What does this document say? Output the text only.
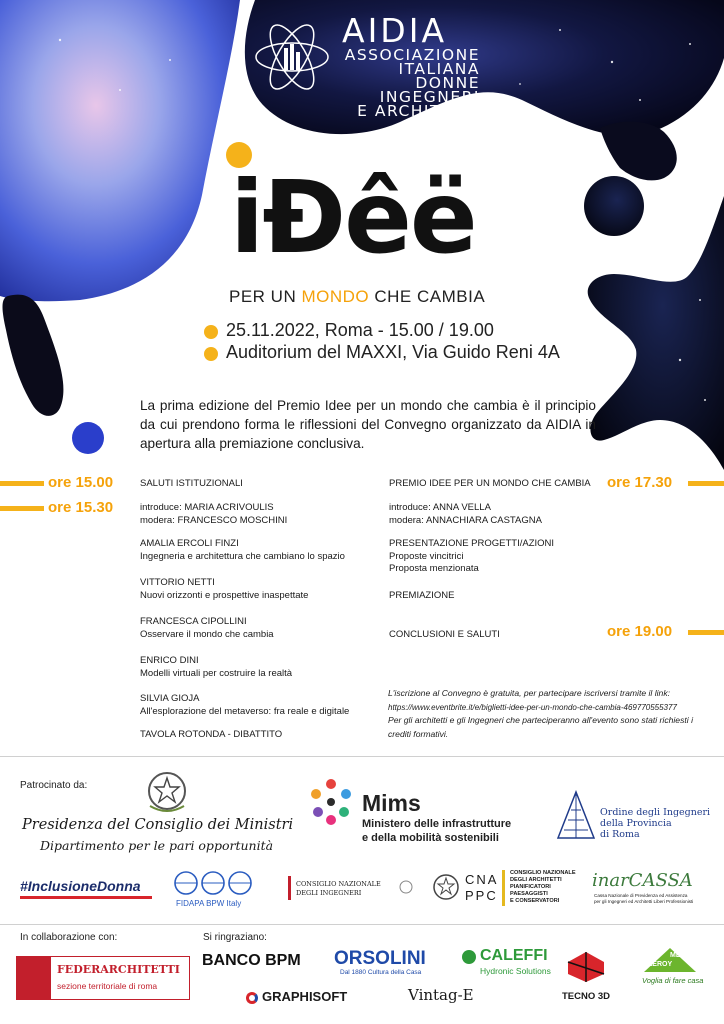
AIDIA
ASSOCIAZIONE
ITALIANA DONNE
INGEGNERI
E ARCHITETTI
iĐêë
PER UN MONDO CHE CAMBIA
25.11.2022, Roma - 15.00 / 19.00
Auditorium del MAXXI, Via Guido Reni 4A

La prima edizione del Premio Idee per un mondo che cambia è il principio da cui prendono forma le riflessioni del Convegno organizzato da AIDIA in apertura alla premiazione conclusiva.

ore 15.00
ore 15.30
ore 17.30
ore 19.00
SALUTI ISTITUZIONALI
introduce: MARIA ACRIVOULIS
modera: FRANCESCO MOSCHINI
AMALIA ERCOLI FINZI
Ingegneria e architettura che cambiano lo spazio
VITTORIO NETTI
Nuovi orizzonti e prospettive inaspettate
FRANCESCA CIPOLLINI
Osservare il mondo che cambia
ENRICO DINI
Modelli virtuali per costruire la realtà
SILVIA GIOJA
All'esplorazione del metaverso: fra reale e digitale
TAVOLA ROTONDA - DIBATTITO
PREMIO IDEE PER UN MONDO CHE CAMBIA
introduce: ANNA VELLA
modera: ANNACHIARA CASTAGNA
PRESENTAZIONE PROGETTI/AZIONI
Proposte vincitrici
Proposta menzionata
PREMIAZIONE
CONCLUSIONI E SALUTI

L'iscrizione al Convegno è gratuita, per partecipare iscriversi tramite il link:

https://www.eventbrite.it/e/biglietti-idee-per-un-mondo-che-cambia-469770555377

Per gli architetti e gli Ingegneri che parteciperanno all'evento sono stati richiesti i crediti formativi.

Patrocinato da:
Presidenza del Consiglio dei Ministri
Dipartimento per le pari opportunità
Mims
Ministero delle infrastrutture
e della mobilità sostenibili
Ordine degli Ingegneri
della Provincia
di Roma
#InclusioneDonna
FIDAPA BPW Italy
CONSIGLIO NAZIONALE
DEGLI INGEGNERI
CNA
PPC
CONSIGLIO NAZIONALE
DEGLI ARCHITETTI
PIANIFICATORI
PAESAGGISTI
E CONSERVATORI
inarCASSA
Cassa Nazionale di Previdenza ed Assistenza
per gli Ingegneri ed Architetti Liberi Professionisti
In collaborazione con:	Si ringraziano:
FEDERARCHITETTI
sezione territoriale di roma
BANCO BPM ORSOLINI
Dal 1880 Cultura della Casa
CALEFFI
Hydronic Solutions
TECNO 3D
LEROY
MERLIN
Voglia di fare casa
GRAPHISOFT	Vintag-E
